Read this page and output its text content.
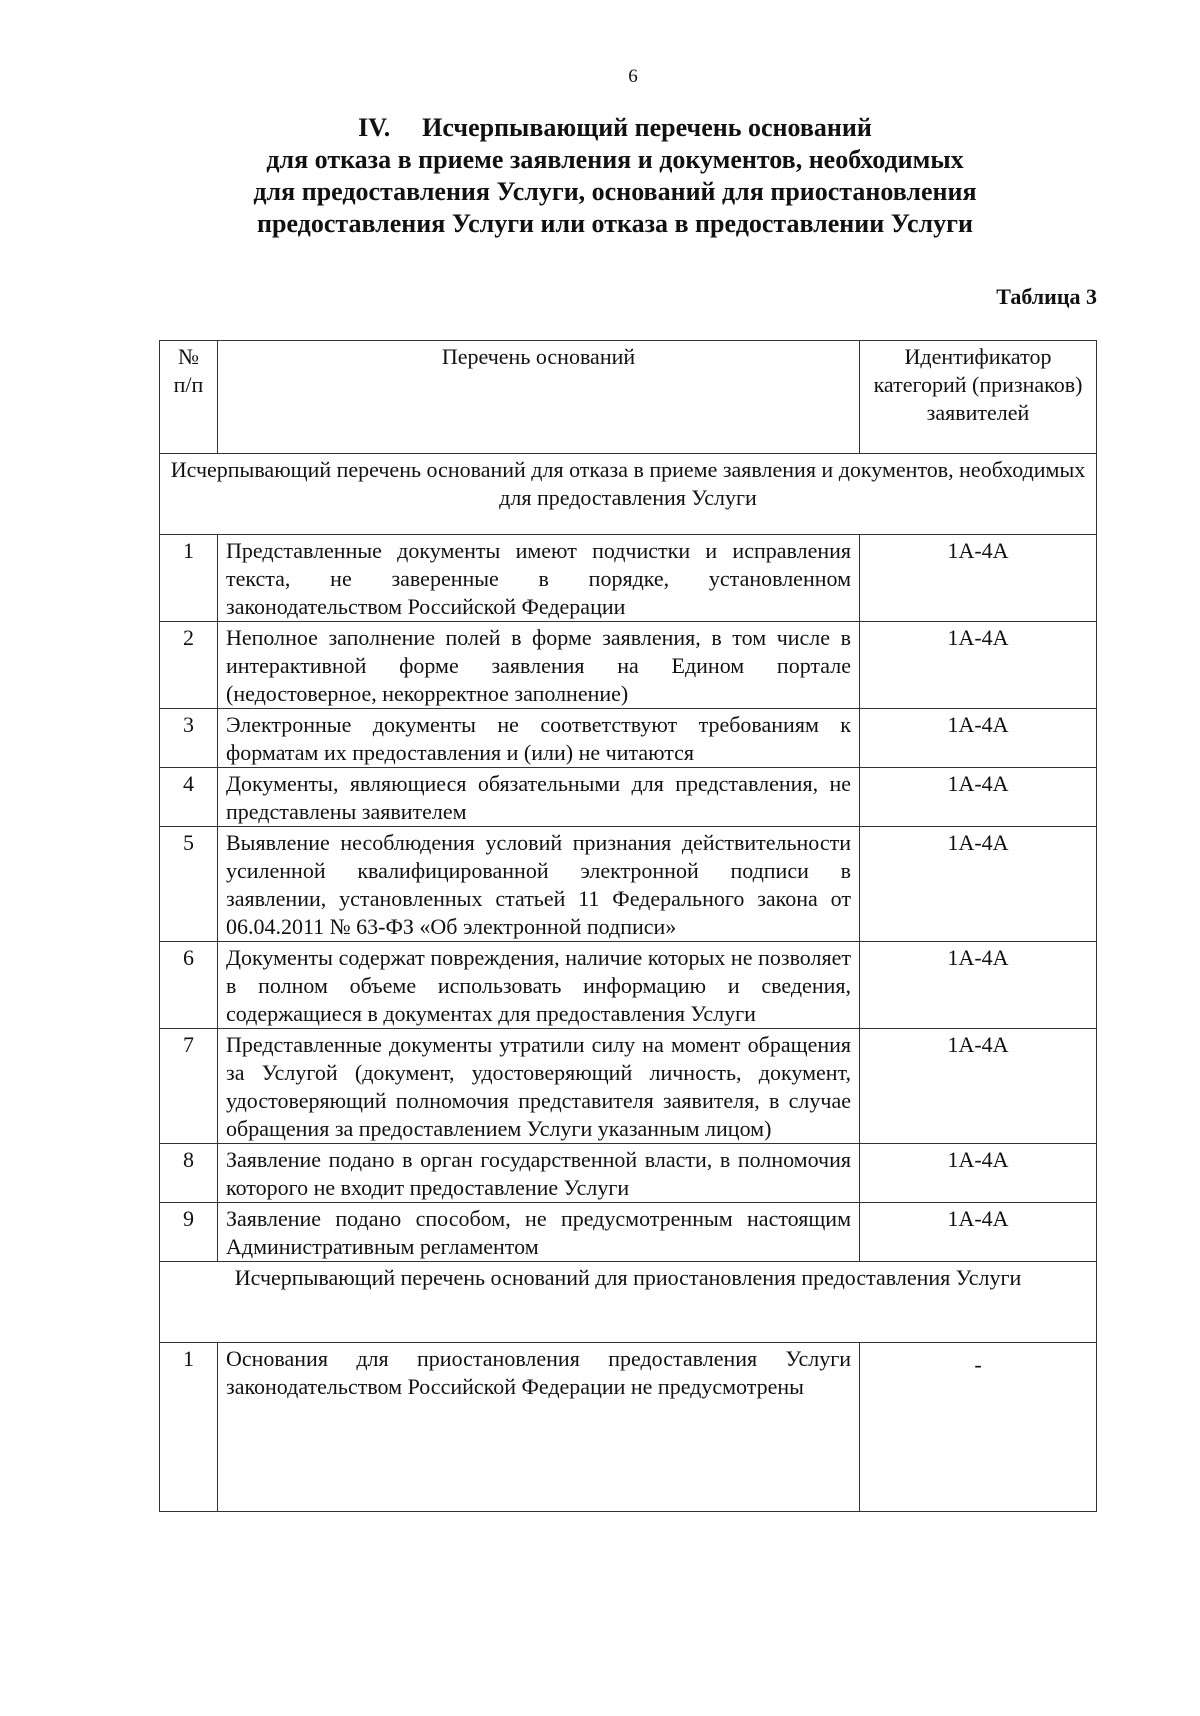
6
IV. Исчерпывающий перечень оснований
для отказа в приеме заявления и документов, необходимых
для предоставления Услуги, оснований для приостановления
предоставления Услуги или отказа в предоставлении Услуги
Таблица 3
№ п/п	Перечень оснований	Идентификатор категорий (признаков) заявителей
Исчерпывающий перечень оснований для отказа в приеме заявления и документов, необходимых для предоставления Услуги		
1	Представленные документы имеют подчистки и исправления текста, не заверенные в порядке, установленном законодательством Российской Федерации	1А-4А
2	Неполное заполнение полей в форме заявления, в том числе в интерактивной форме заявления на Едином портале (недостоверное, некорректное заполнение)	1А-4А
3	Электронные документы не соответствуют требованиям к форматам их предоставления и (или) не читаются	1А-4А
4	Документы, являющиеся обязательными для представления, не представлены заявителем	1А-4А
5	Выявление несоблюдения условий признания действительности усиленной квалифицированной электронной подписи в заявлении, установленных статьей 11 Федерального закона от 06.04.2011 № 63-ФЗ «Об электронной подписи»	1А-4А
6	Документы содержат повреждения, наличие которых не позволяет в полном объеме использовать информацию и сведения, содержащиеся в документах для предоставления Услуги	1А-4А
7	Представленные документы утратили силу на момент обращения за Услугой (документ, удостоверяющий личность, документ, удостоверяющий полномочия представителя заявителя, в случае обращения за предоставлением Услуги указанным лицом)	1А-4А
8	Заявление подано в орган государственной власти, в полномочия которого не входит предоставление Услуги	1А-4А
9	Заявление подано способом, не предусмотренным настоящим Административным регламентом	1А-4А
Исчерпывающий перечень оснований для приостановления предоставления Услуги		
1	Основания для приостановления предоставления Услуги законодательством Российской Федерации не предусмотрены	-
